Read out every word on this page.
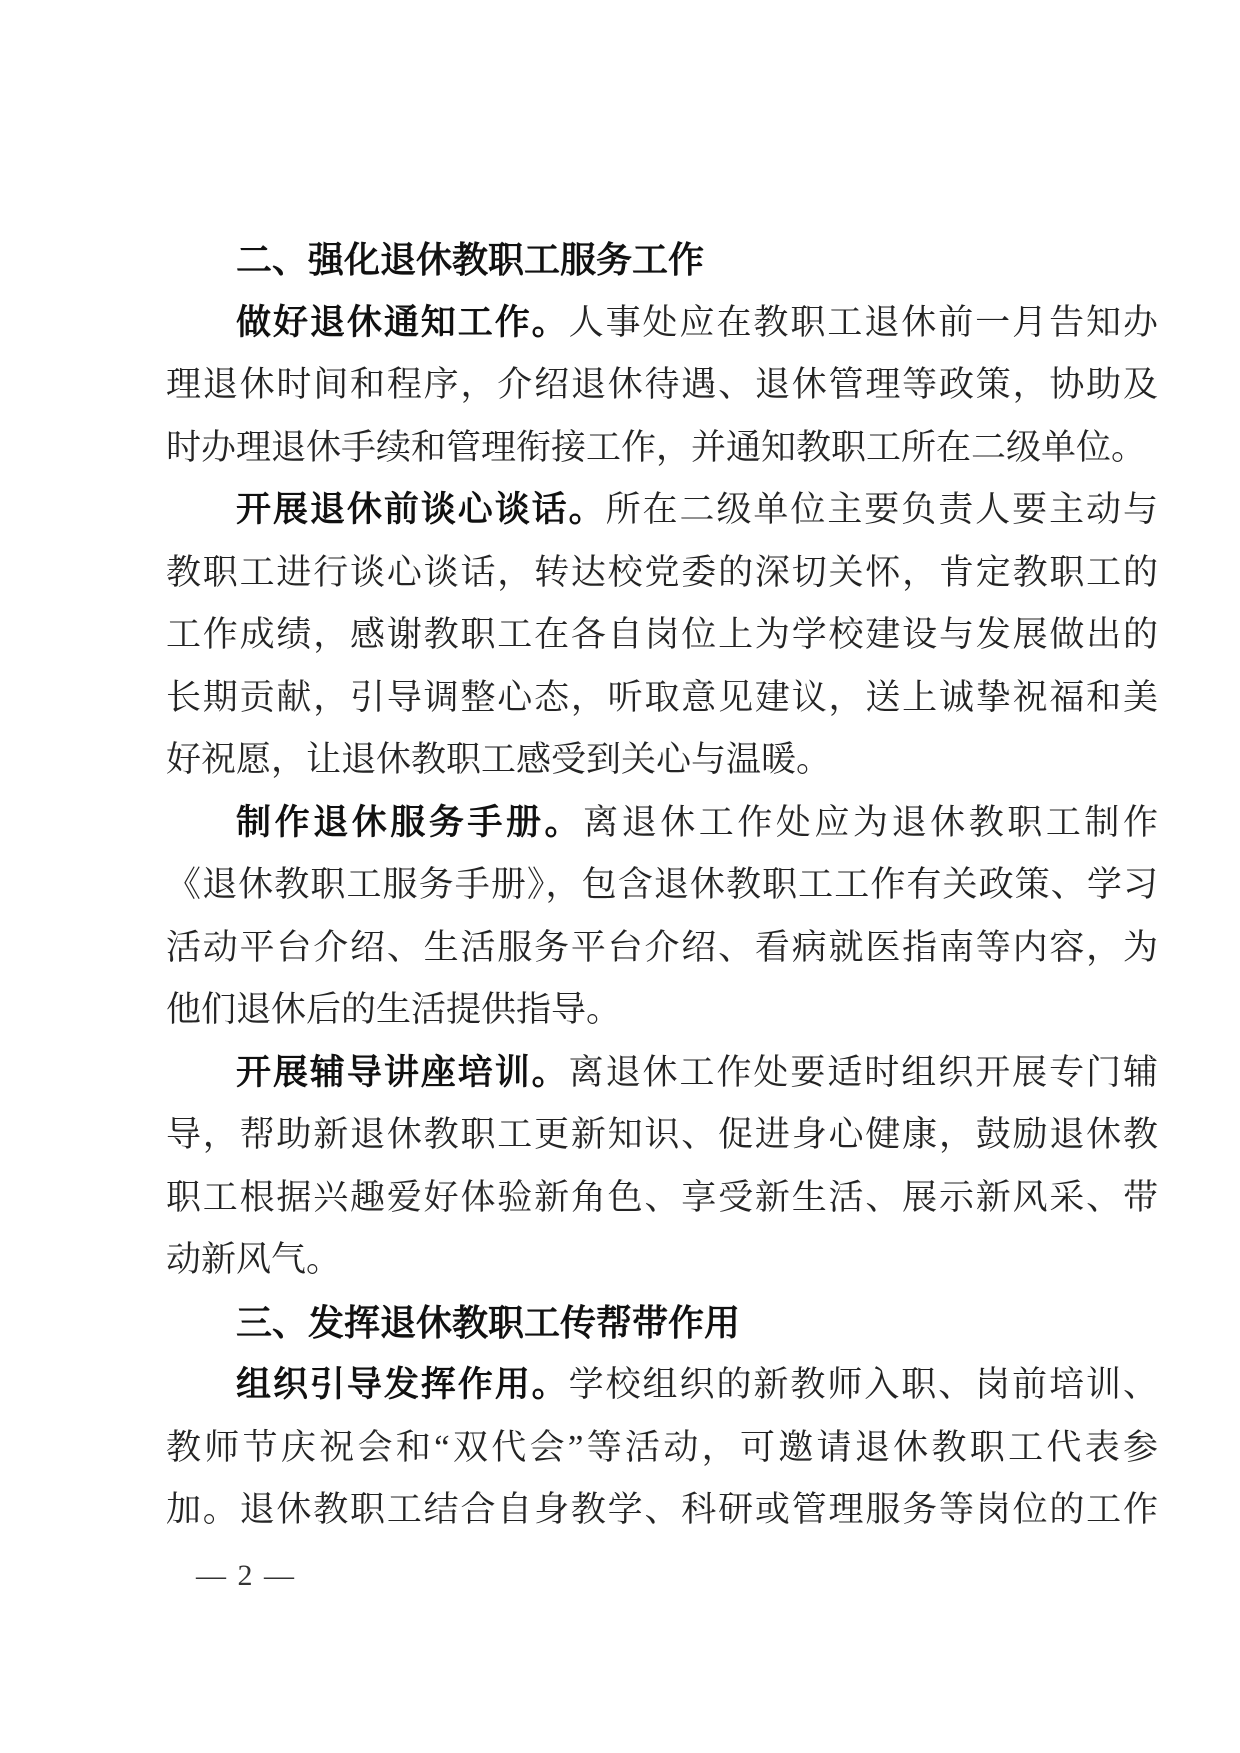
二、强化退休教职工服务工作
做好退休通知工作。人事处应在教职工退休前一月告知办
理退休时间和程序，介绍退休待遇、退休管理等政策，协助及
时办理退休手续和管理衔接工作，并通知教职工所在二级单位。
开展退休前谈心谈话。所在二级单位主要负责人要主动与
教职工进行谈心谈话，转达校党委的深切关怀，肯定教职工的
工作成绩，感谢教职工在各自岗位上为学校建设与发展做出的
长期贡献，引导调整心态，听取意见建议，送上诚挚祝福和美
好祝愿，让退休教职工感受到关心与温暖。
制作退休服务手册。离退休工作处应为退休教职工制作
《退休教职工服务手册》，包含退休教职工工作有关政策、学习
活动平台介绍、生活服务平台介绍、看病就医指南等内容，为
他们退休后的生活提供指导。
开展辅导讲座培训。离退休工作处要适时组织开展专门辅
导，帮助新退休教职工更新知识、促进身心健康，鼓励退休教
职工根据兴趣爱好体验新角色、享受新生活、展示新风采、带
动新风气。
三、发挥退休教职工传帮带作用
组织引导发挥作用。学校组织的新教师入职、岗前培训、
教师节庆祝会和“双代会”等活动，可邀请退休教职工代表参
加。退休教职工结合自身教学、科研或管理服务等岗位的工作
— 2 —
